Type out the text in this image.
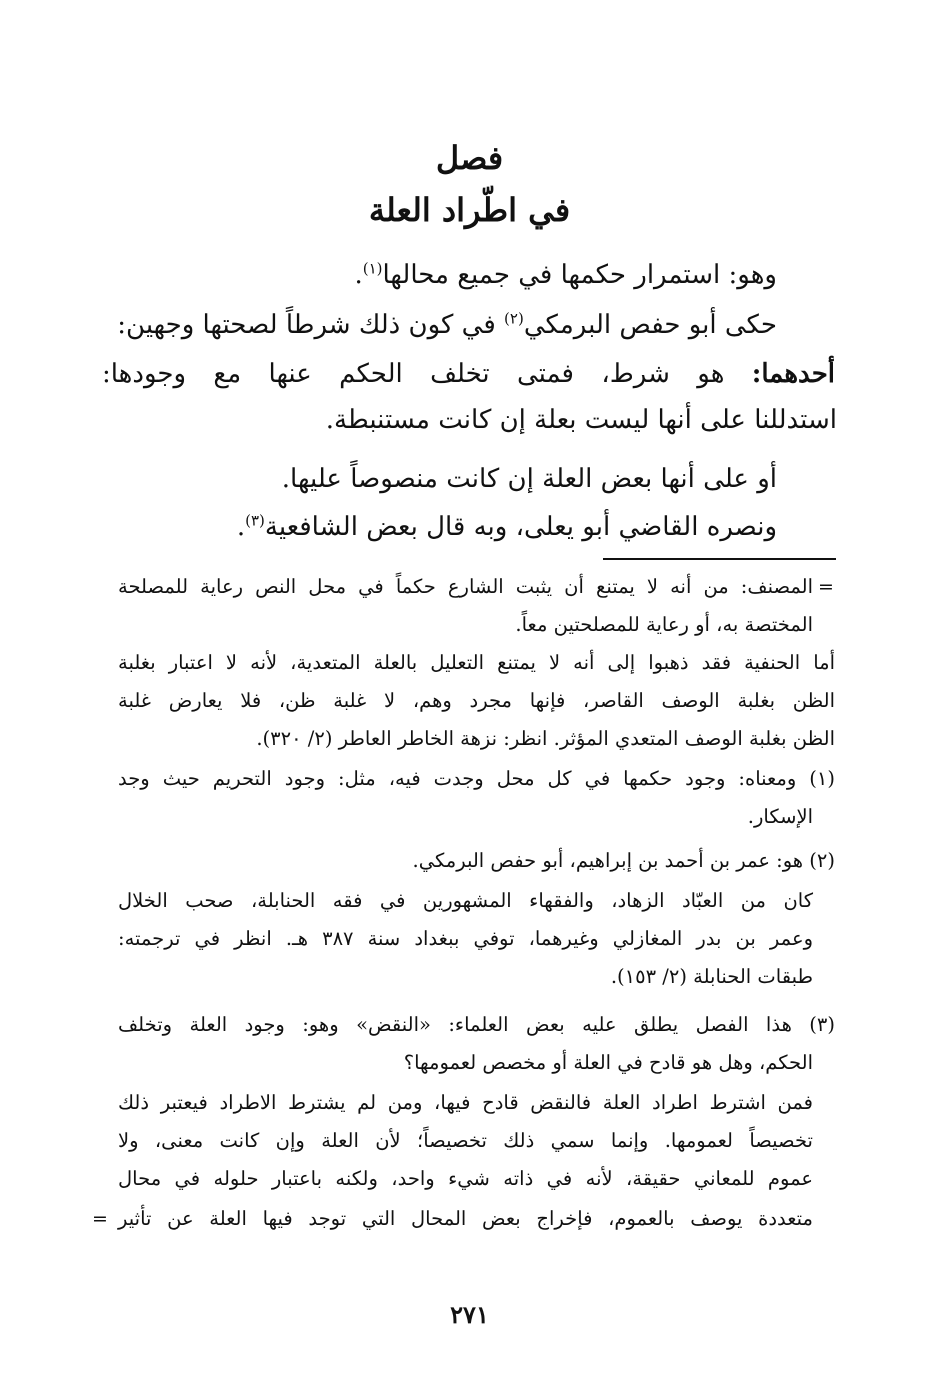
فصل
في اطّراد العلة
وهو: استمرار حكمها في جميع محالها$^{(١)}$.
حكى أبو حفص البرمكي$^{(٢)}$ في كون ذلك شرطاً لصحتها وجهين:
أحدهما: هو شرط، فمتى تخلف الحكم عنها مع وجودها:
استدللنا على أنها ليست بعلة إن كانت مستنبطة.
أو على أنها بعض العلة إن كانت منصوصاً عليها.
ونصره القاضي أبو يعلى، وبه قال بعض الشافعية$^{(٣)}$.
=
المصنف: من أنه لا يمتنع أن يثبت الشارع حكماً في محل النص رعاية للمصلحة
المختصة به، أو رعاية للمصلحتين معاً.
أما الحنفية فقد ذهبوا إلى أنه لا يمتنع التعليل بالعلة المتعدية، لأنه لا اعتبار بغلبة
الظن بغلبة الوصف القاصر، فإنها مجرد وهم، لا غلبة ظن، فلا يعارض غلبة
الظن بغلبة الوصف المتعدي المؤثر. انظر: نزهة الخاطر العاطر (٢/ ٣٢٠).
(١) ومعناه: وجود حكمها في كل محل وجدت فيه، مثل: وجود التحريم حيث وجد
الإسكار.
(٢) هو: عمر بن أحمد بن إبراهيم، أبو حفص البرمكي.
كان من العبّاد الزهاد، والفقهاء المشهورين في فقه الحنابلة، صحب الخلال
وعمر بن بدر المغازلي وغيرهما، توفي ببغداد سنة ٣٨٧ هـ. انظر في ترجمته:
طبقات الحنابلة (٢/ ١٥٣).
(٣) هذا الفصل يطلق عليه بعض العلماء: «النقض» وهو: وجود العلة وتخلف
الحكم، وهل هو قادح في العلة أو مخصص لعمومها؟
فمن اشترط اطراد العلة فالنقض قادح فيها، ومن لم يشترط الاطراد فيعتبر ذلك
تخصيصاً لعمومها. وإنما سمي ذلك تخصيصاً؛ لأن العلة وإن كانت معنى، ولا
عموم للمعاني حقيقة، لأنه في ذاته شيء واحد، ولكنه باعتبار حلوله في محال
متعددة يوصف بالعموم، فإخراج بعض المحال التي توجد فيها العلة عن تأثير
=
٢٧١
